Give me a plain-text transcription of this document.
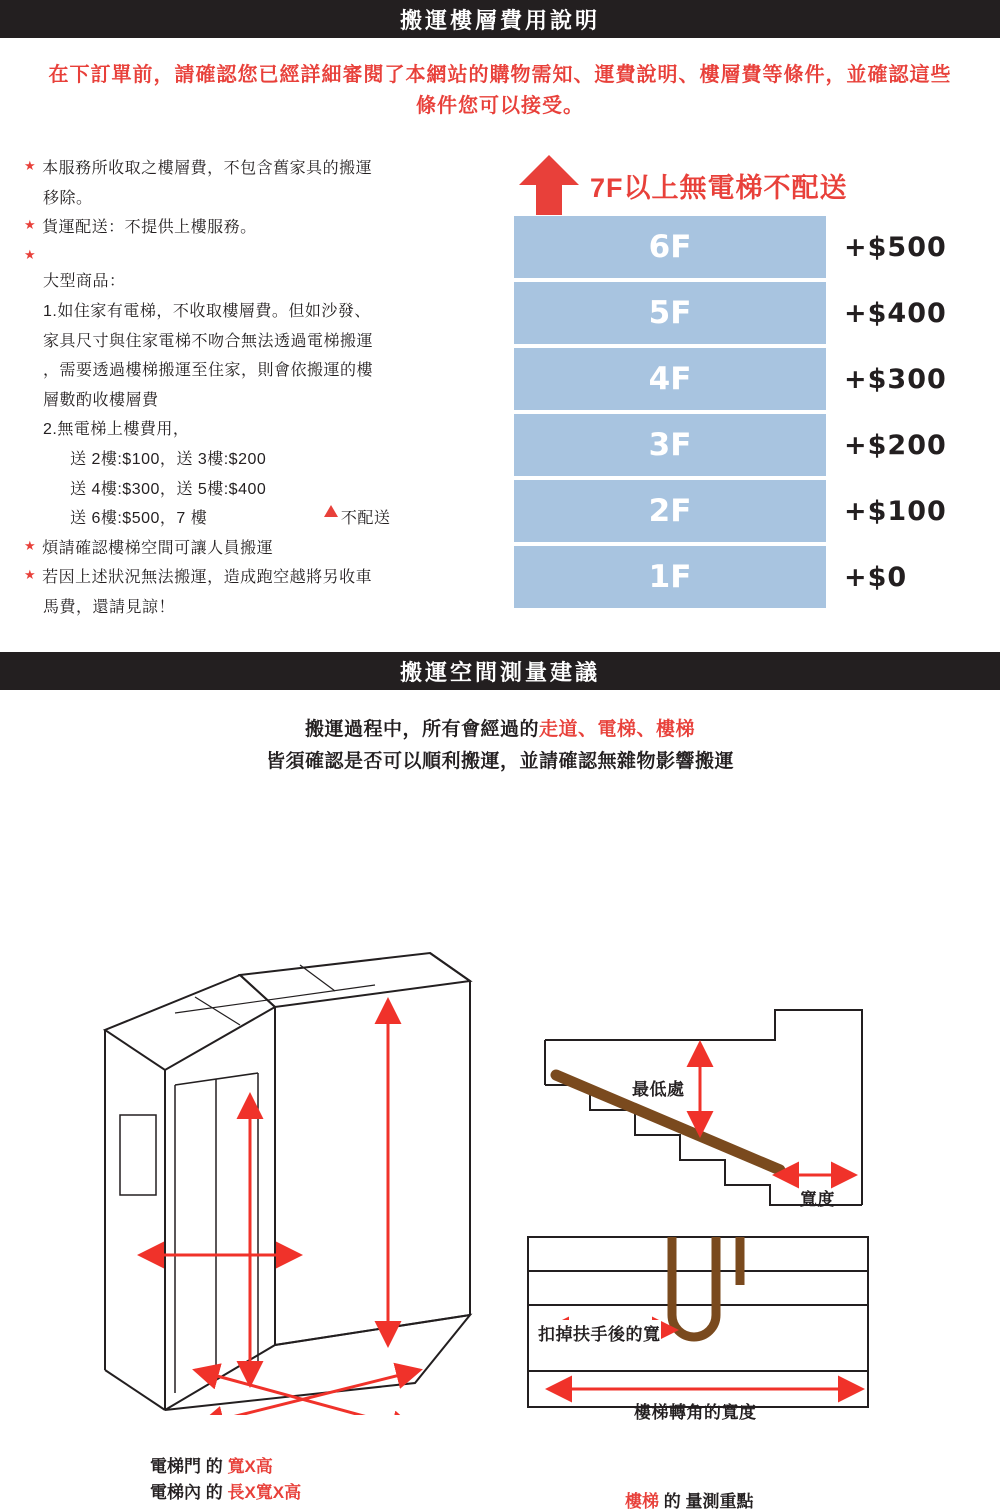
搬運樓層費用說明
在下訂單前，請確認您已經詳細審閱了本網站的購物需知、運費說明、樓層費等條件，並確認這些條件您可以接受。
★ 本服務所收取之樓層費，不包含舊家具的搬運
移除。
★ 貨運配送：不提供上樓服務。
★
大型商品：
1.如住家有電梯，不收取樓層費。但如沙發、
家具尺寸與住家電梯不吻合無法透過電梯搬運
，需要透過樓梯搬運至住家，則會依搬運的樓
層數酌收樓層費
2.無電梯上樓費用，
送 2樓:$100，送 3樓:$200
送 4樓:$300，送 5樓:$400
送 6樓:$500，7 樓	不配送
★ 煩請確認樓梯空間可讓人員搬運
★ 若因上述狀況無法搬運，造成跑空越將另收車
馬費，還請見諒！
7F以上無電梯不配送
6F	+$500
5F	+$400
4F	+$300
3F	+$200
2F	+$100
1F	+$0
搬運空間測量建議
搬運過程中，所有會經過的走道、電梯、樓梯
皆須確認是否可以順利搬運，並請確認無雜物影響搬運
最低處
寬度
扣掉扶手後的寬
樓梯轉角的寬度
電梯門 的 寬X高
電梯內 的 長X寬X高	樓梯 的 量測重點
